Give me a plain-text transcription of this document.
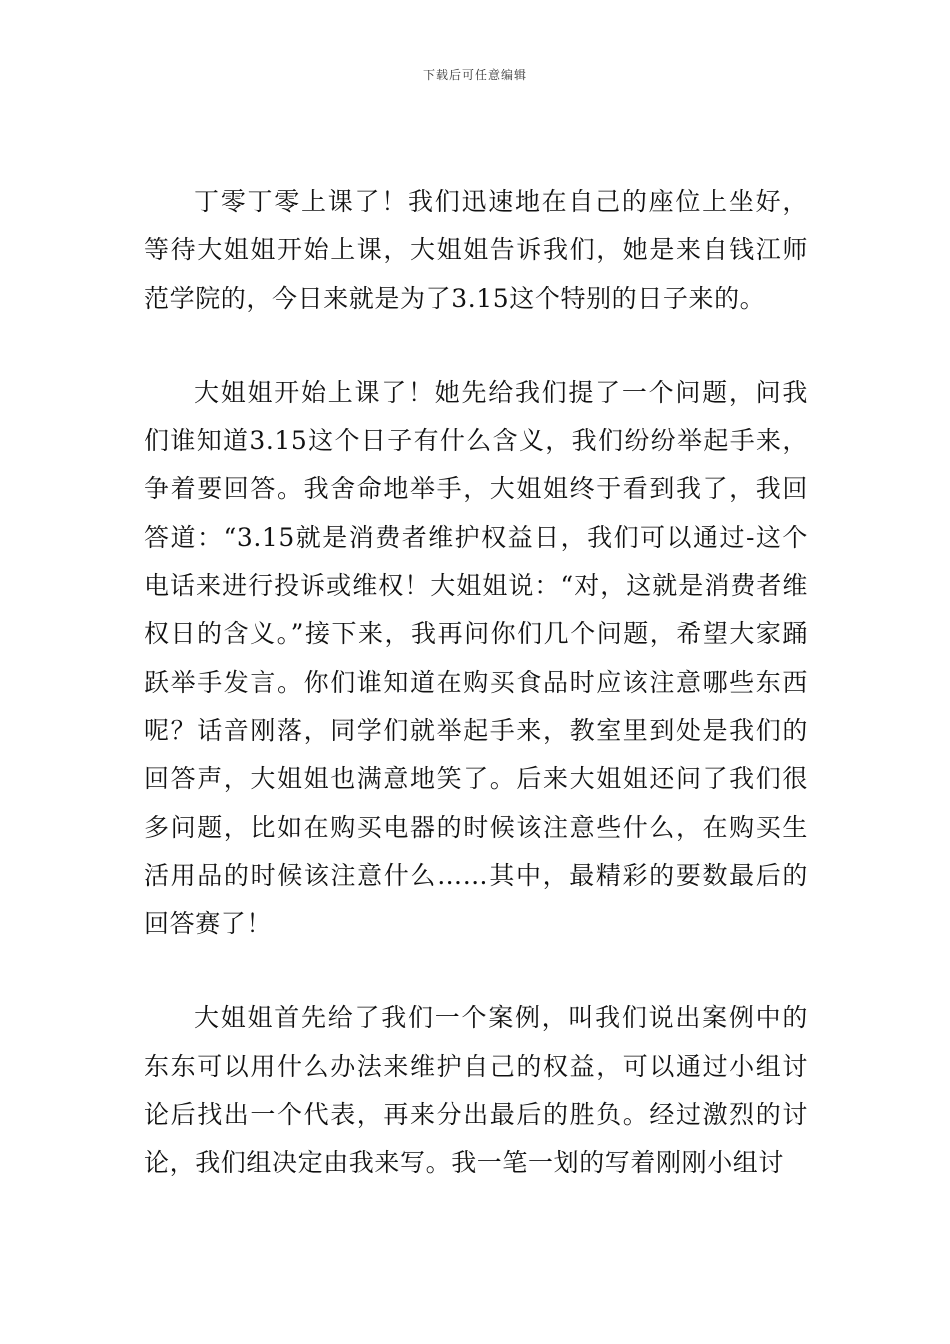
下载后可任意编辑

丁零丁零上课了！我们迅速地在自己的座位上坐好，等待大姐姐开始上课，大姐姐告诉我们，她是来自钱江师范学院的，今日来就是为了3.15这个特别的日子来的。

大姐姐开始上课了！她先给我们提了一个问题，问我们谁知道3.15这个日子有什么含义，我们纷纷举起手来，争着要回答。我舍命地举手，大姐姐终于看到我了，我回答道：“3.15就是消费者维护权益日，我们可以通过-这个电话来进行投诉或维权！大姐姐说：“对，这就是消费者维权日的含义。”接下来，我再问你们几个问题，希望大家踊跃举手发言。你们谁知道在购买食品时应该注意哪些东西呢？话音刚落，同学们就举起手来，教室里到处是我们的回答声，大姐姐也满意地笑了。后来大姐姐还问了我们很多问题，比如在购买电器的时候该注意些什么，在购买生活用品的时候该注意什么……其中，最精彩的要数最后的回答赛了！

大姐姐首先给了我们一个案例，叫我们说出案例中的东东可以用什么办法来维护自己的权益，可以通过小组讨论后找出一个代表，再来分出最后的胜负。经过激烈的讨论，我们组决定由我来写。我一笔一划的写着刚刚小组讨
